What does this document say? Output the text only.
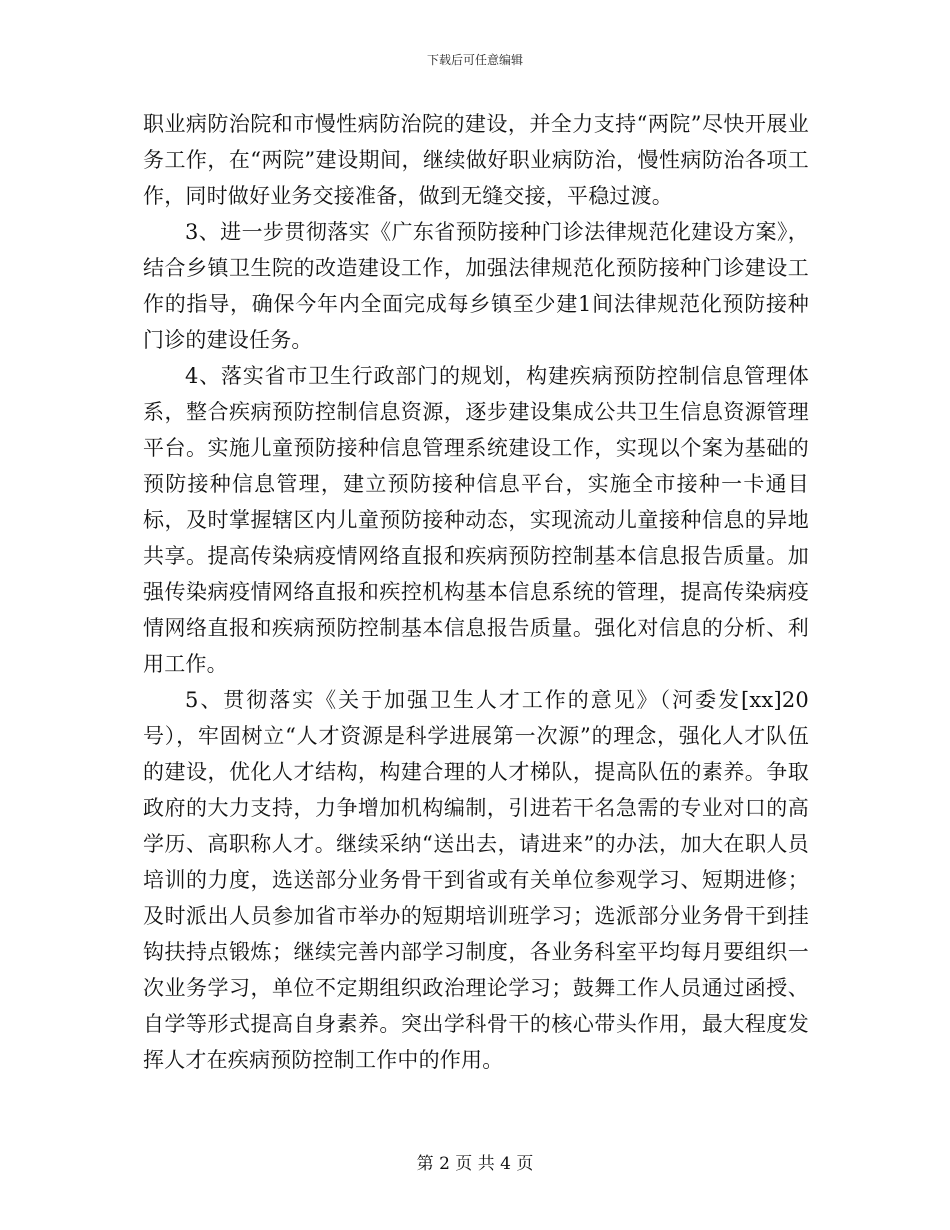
下载后可任意编辑

职业病防治院和市慢性病防治院的建设，并全力支持“两院”尽快开展业务工作，在“两院”建设期间，继续做好职业病防治，慢性病防治各项工作，同时做好业务交接准备，做到无缝交接，平稳过渡。

3、进一步贯彻落实《广东省预防接种门诊法律规范化建设方案》，结合乡镇卫生院的改造建设工作，加强法律规范化预防接种门诊建设工作的指导，确保今年内全面完成每乡镇至少建1间法律规范化预防接种门诊的建设任务。

4、落实省市卫生行政部门的规划，构建疾病预防控制信息管理体系，整合疾病预防控制信息资源，逐步建设集成公共卫生信息资源管理平台。实施儿童预防接种信息管理系统建设工作，实现以个案为基础的预防接种信息管理，建立预防接种信息平台，实施全市接种一卡通目标，及时掌握辖区内儿童预防接种动态，实现流动儿童接种信息的异地共享。提高传染病疫情网络直报和疾病预防控制基本信息报告质量。加强传染病疫情网络直报和疾控机构基本信息系统的管理，提高传染病疫情网络直报和疾病预防控制基本信息报告质量。强化对信息的分析、利用工作。

5、贯彻落实《关于加强卫生人才工作的意见》（河委发[xx]20号），牢固树立“人才资源是科学进展第一次源”的理念，强化人才队伍的建设，优化人才结构，构建合理的人才梯队，提高队伍的素养。争取政府的大力支持，力争增加机构编制，引进若干名急需的专业对口的高学历、高职称人才。继续采纳“送出去，请进来”的办法，加大在职人员培训的力度，选送部分业务骨干到省或有关单位参观学习、短期进修；及时派出人员参加省市举办的短期培训班学习；选派部分业务骨干到挂钩扶持点锻炼；继续完善内部学习制度，各业务科室平均每月要组织一次业务学习，单位不定期组织政治理论学习；鼓舞工作人员通过函授、自学等形式提高自身素养。突出学科骨干的核心带头作用，最大程度发挥人才在疾病预防控制工作中的作用。

第 2 页 共 4 页
